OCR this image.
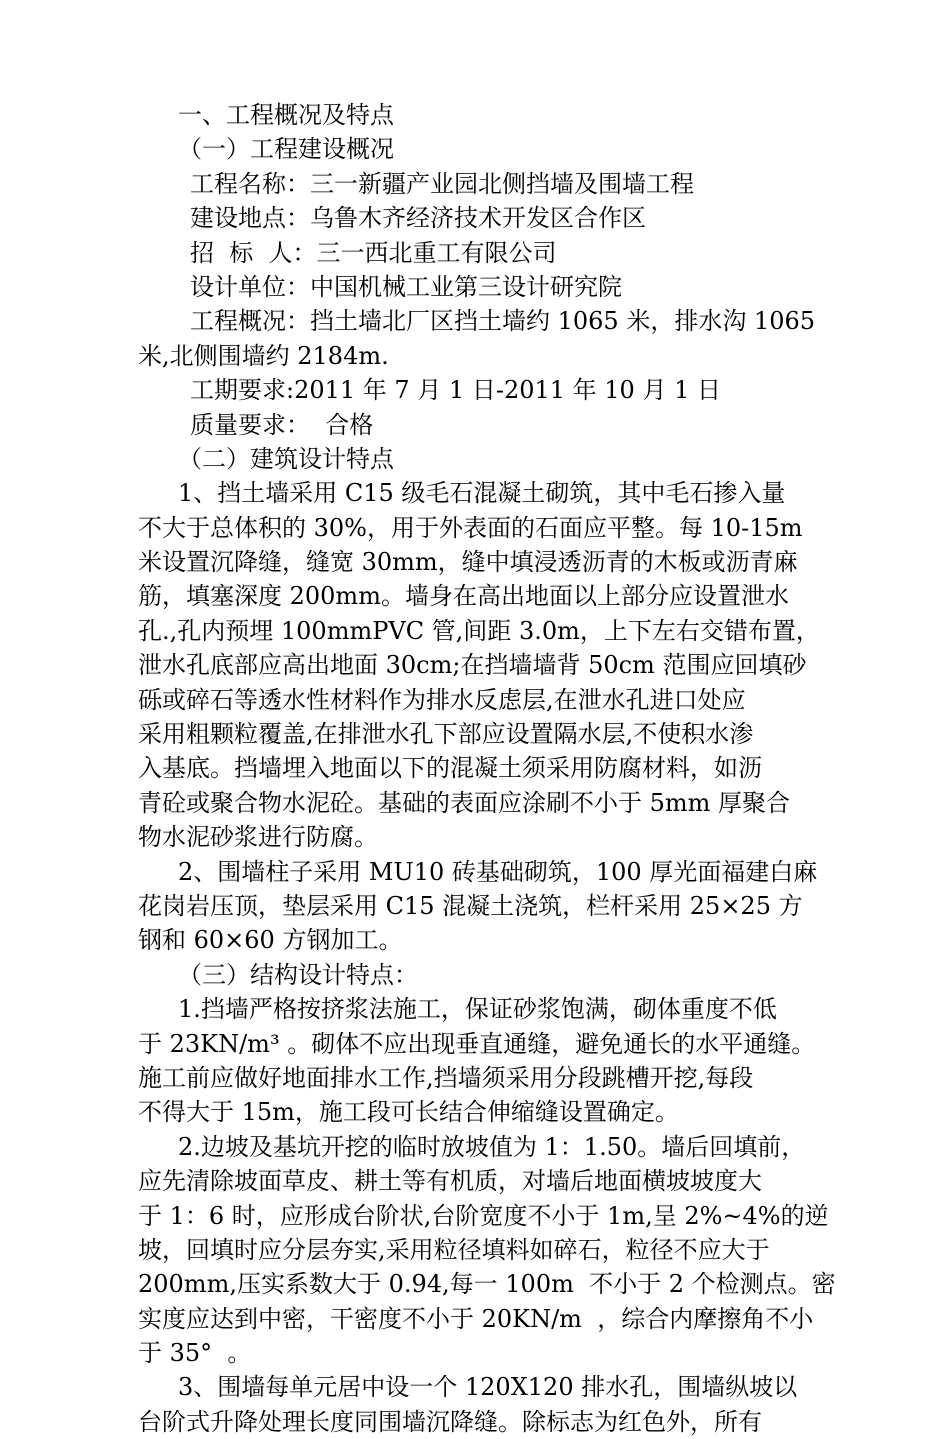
一、工程概况及特点
（一）工程建设概况
工程名称：三一新疆产业园北侧挡墙及围墙工程
建设地点：乌鲁木齐经济技术开发区合作区
招  标  人：三一西北重工有限公司
设计单位：中国机械工业第三设计研究院
工程概况：挡土墙北厂区挡土墙约 1065 米，排水沟 1065
米,北侧围墙约 2184m.
工期要求:2011 年 7 月 1 日-2011 年 10 月 1 日
质量要求：  合格
（二）建筑设计特点
1、挡土墙采用 C15 级毛石混凝土砌筑，其中毛石掺入量
不大于总体积的 30%，用于外表面的石面应平整。每 10-15m
米设置沉降缝，缝宽 30mm，缝中填浸透沥青的木板或沥青麻
筋，填塞深度 200mm。墙身在高出地面以上部分应设置泄水
孔.,孔内预埋 100mmPVC 管,间距 3.0m，上下左右交错布置，
泄水孔底部应高出地面 30cm;在挡墙墙背 50cm 范围应回填砂
砾或碎石等透水性材料作为排水反虑层,在泄水孔进口处应
采用粗颗粒覆盖,在排泄水孔下部应设置隔水层,不使积水渗
入基底。挡墙埋入地面以下的混凝土须采用防腐材料，如沥
青砼或聚合物水泥砼。基础的表面应涂刷不小于 5mm 厚聚合
物水泥砂浆进行防腐。
2、围墙柱子采用 MU10 砖基础砌筑，100 厚光面福建白麻
花岗岩压顶，垫层采用 C15 混凝土浇筑，栏杆采用 25×25 方
钢和 60×60 方钢加工。
（三）结构设计特点：
1.挡墙严格按挤浆法施工，保证砂浆饱满，砌体重度不低
于 23KN/m³ 。砌体不应出现垂直通缝，避免通长的水平通缝。
施工前应做好地面排水工作,挡墙须采用分段跳槽开挖,每段
不得大于 15m，施工段可长结合伸缩缝设置确定。
2.边坡及基坑开挖的临时放坡值为 1：1.50。墙后回填前，
应先清除坡面草皮、耕土等有机质，对墙后地面横坡坡度大
于 1：6 时，应形成台阶状,台阶宽度不小于 1m,呈 2%~4%的逆
坡，回填时应分层夯实,采用粒径填料如碎石，粒径不应大于
200mm,压实系数大于 0.94,每一 100m  不小于 2 个检测点。密
实度应达到中密，干密度不小于 20KN/m  ，综合内摩擦角不小
于 35°  。
3、围墙每单元居中设一个 120X120 排水孔，围墙纵坡以
台阶式升降处理长度同围墙沉降缝。除标志为红色外，所有
